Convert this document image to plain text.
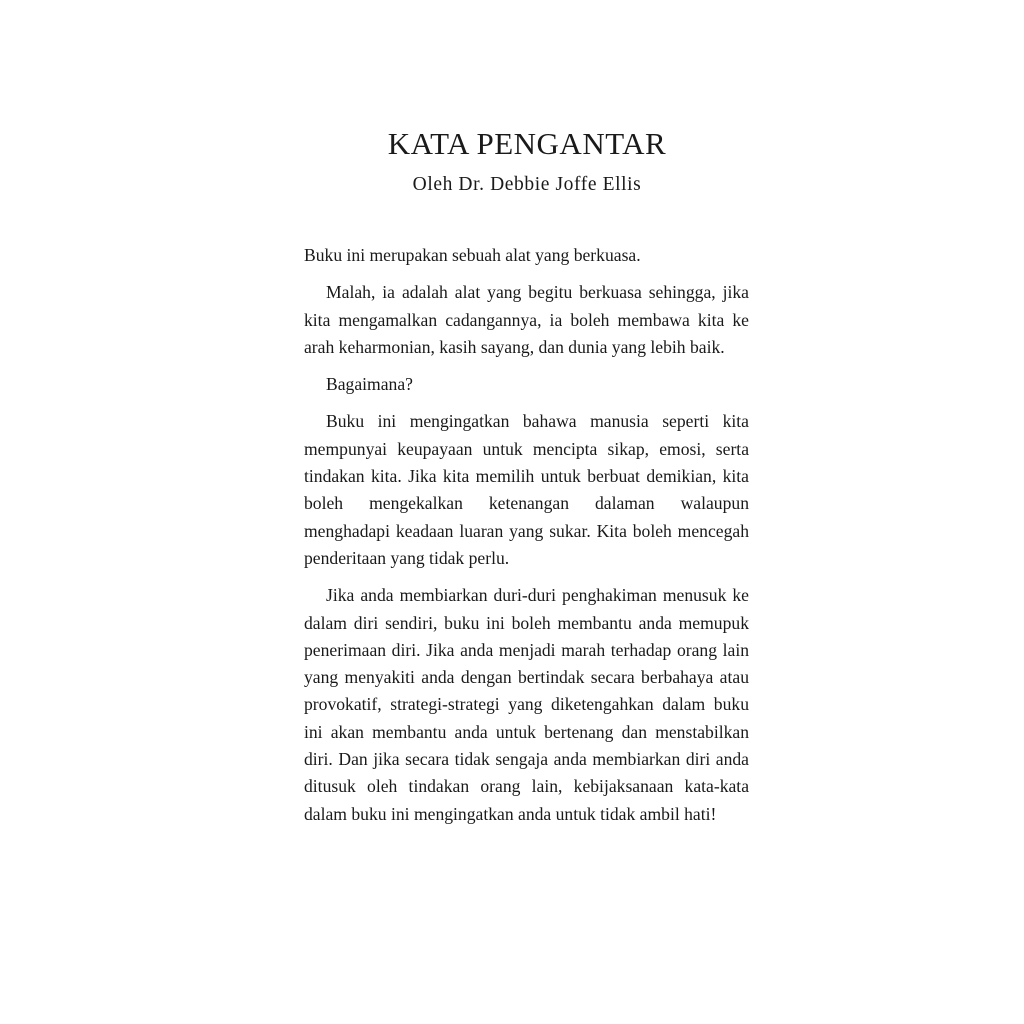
KATA PENGANTAR
Oleh Dr. Debbie Joffe Ellis

Buku ini merupakan sebuah alat yang berkuasa.

Malah, ia adalah alat yang begitu berkuasa sehingga, jika kita mengamalkan cadangannya, ia boleh membawa kita ke arah keharmonian, kasih sayang, dan dunia yang lebih baik.

Bagaimana?

Buku ini mengingatkan bahawa manusia seperti kita mempunyai keupayaan untuk mencipta sikap, emosi, serta tindakan kita. Jika kita memilih untuk berbuat demikian, kita boleh mengekalkan ketenangan dalaman walaupun menghadapi keadaan luaran yang sukar. Kita boleh mencegah penderitaan yang tidak perlu.

Jika anda membiarkan duri-duri penghakiman menusuk ke dalam diri sendiri, buku ini boleh membantu anda memupuk penerimaan diri. Jika anda menjadi marah terhadap orang lain yang menyakiti anda dengan bertindak secara berbahaya atau provokatif, strategi-strategi yang diketengahkan dalam buku ini akan membantu anda untuk bertenang dan menstabilkan diri. Dan jika secara tidak sengaja anda membiarkan diri anda ditusuk oleh tindakan orang lain, kebijaksanaan kata-kata dalam buku ini mengingatkan anda untuk tidak ambil hati!
